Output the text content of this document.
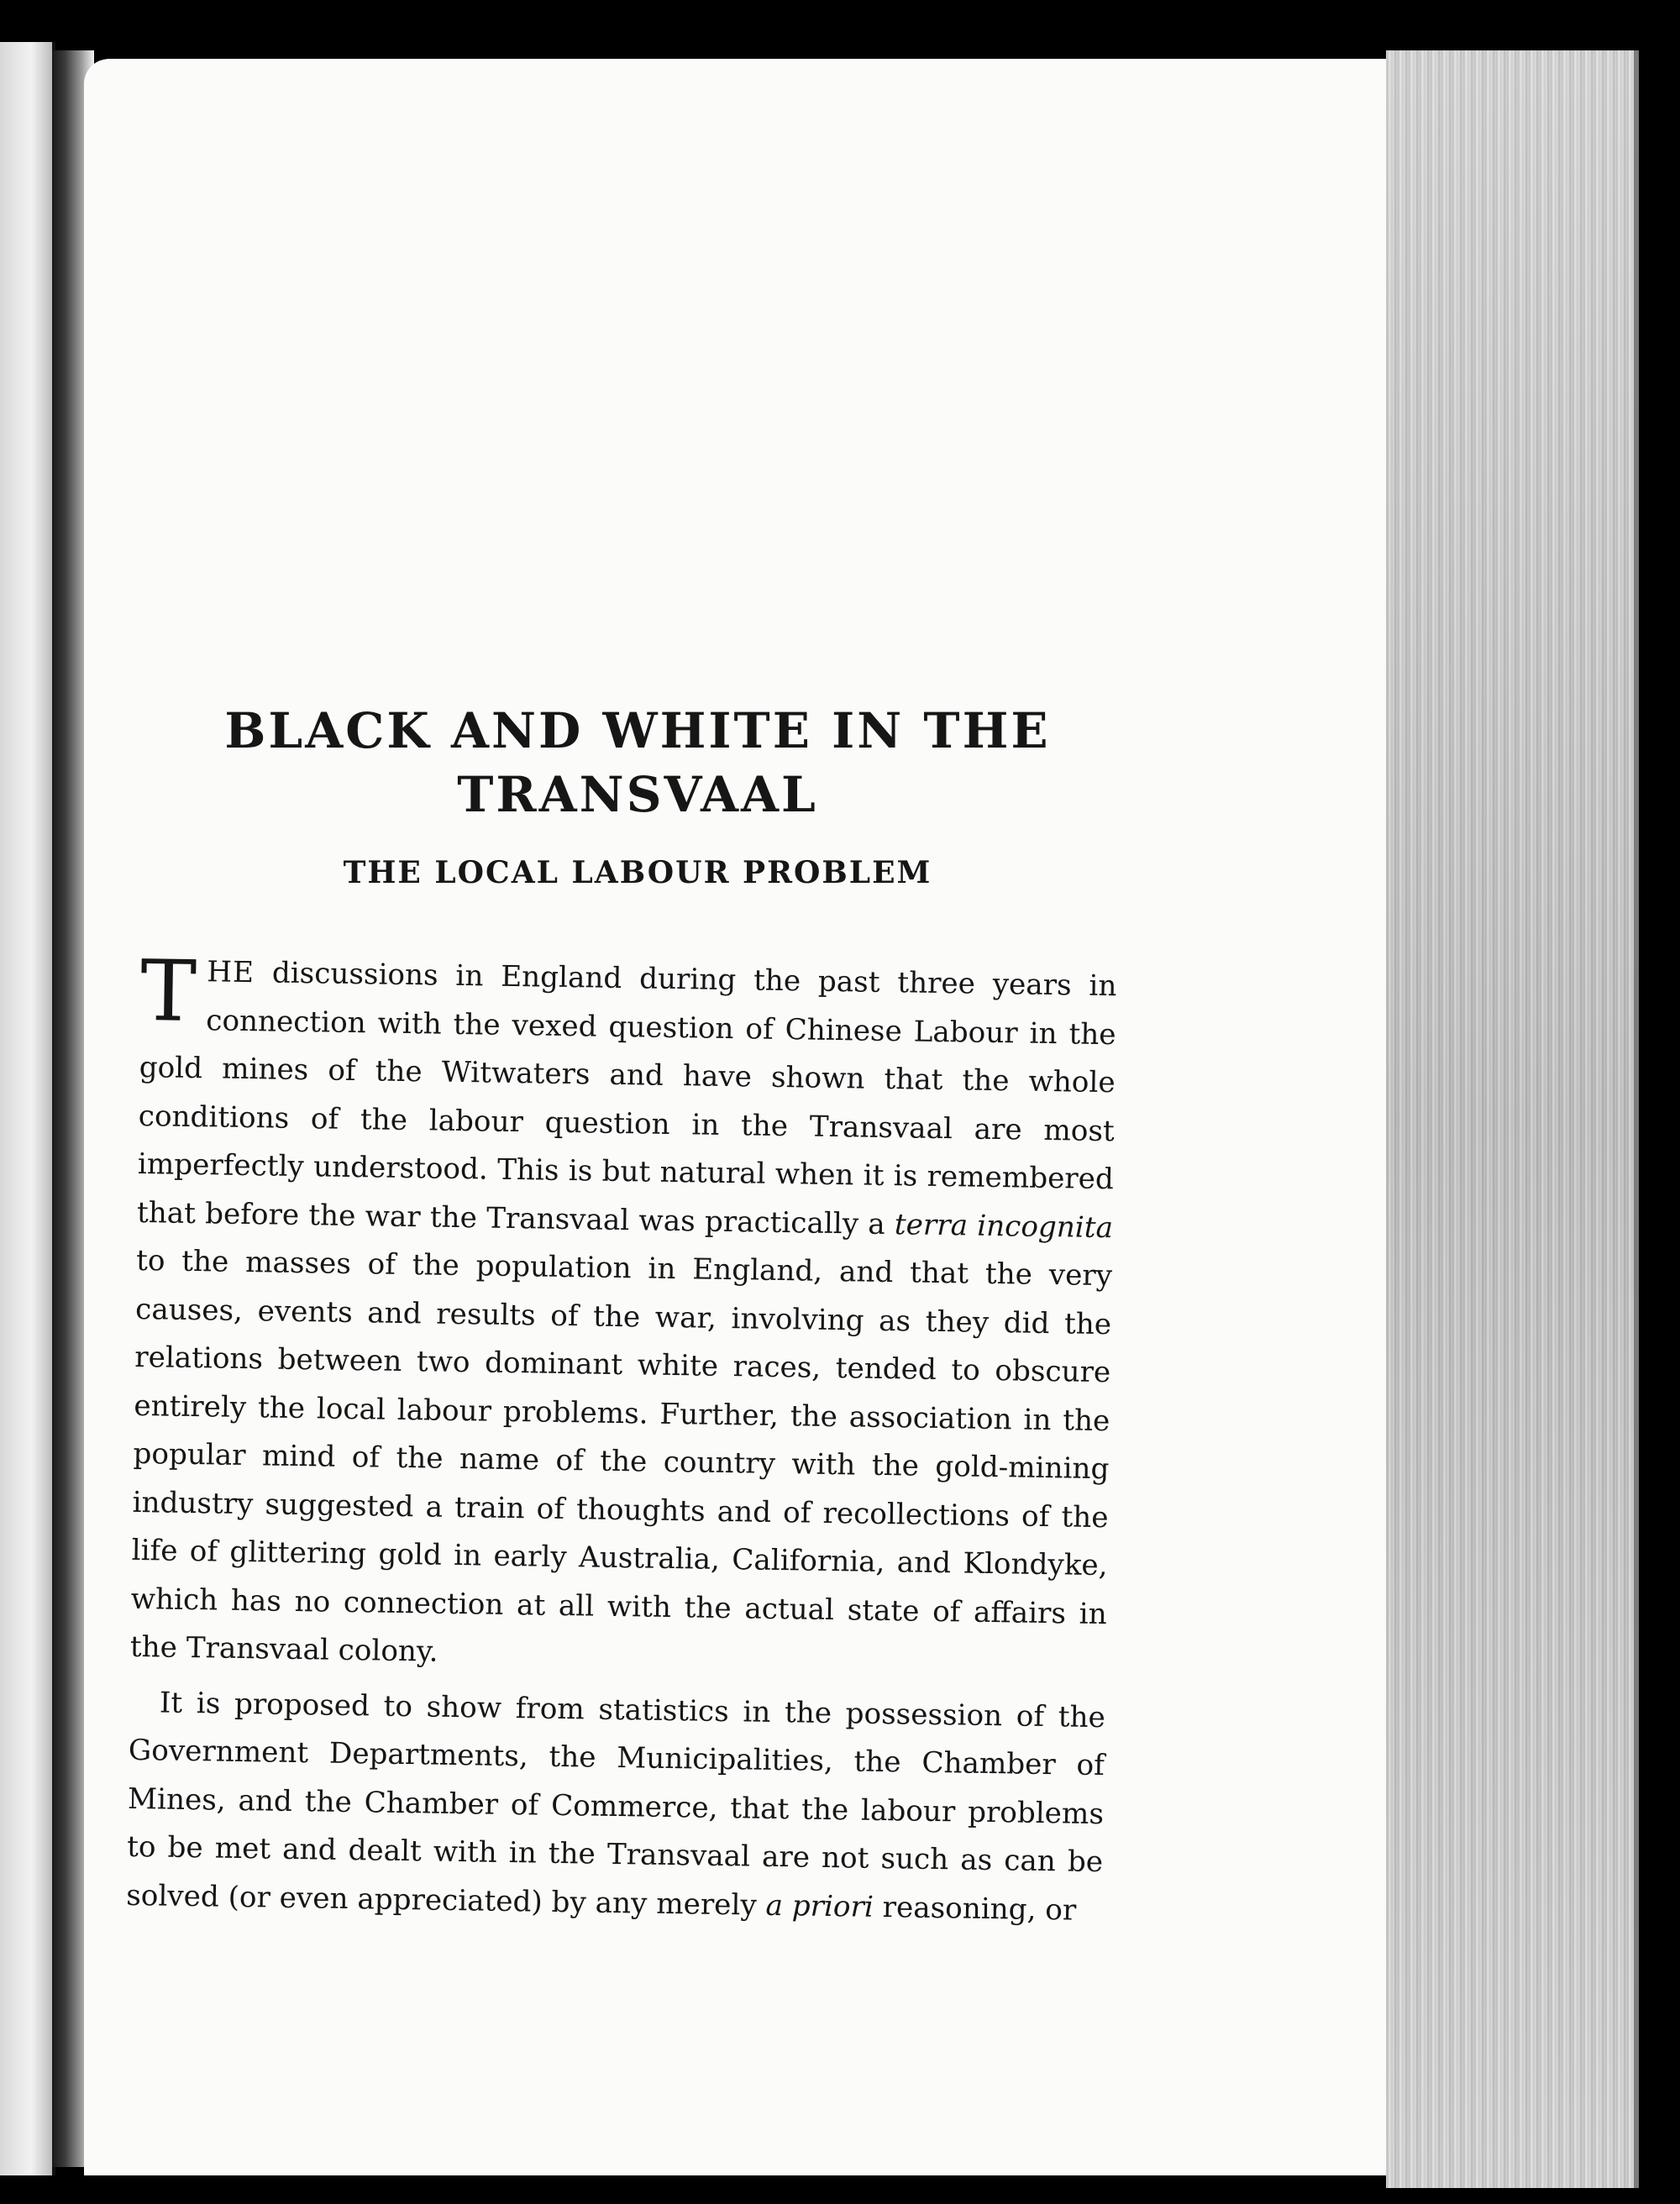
BLACK AND WHITE IN THE
TRANSVAAL
THE LOCAL LABOUR PROBLEM

THE discussions in England during the past three years in connection with the vexed question of Chinese Labour in the gold mines of the Witwaters and have shown that the whole conditions of the labour question in the Transvaal are most imperfectly understood. This is but natural when it is remembered that before the war the Transvaal was practically a terra incognita to the masses of the population in England, and that the very causes, events and results of the war, involving as they did the relations between two dominant white races, tended to obscure entirely the local labour problems. Further, the association in the popular mind of the name of the country with the gold-mining industry suggested a train of thoughts and of recollections of the life of glittering gold in early Australia, California, and Klondyke, which has no connection at all with the actual state of affairs in the Transvaal colony.

It is proposed to show from statistics in the possession of the Government Departments, the Municipalities, the Chamber of Mines, and the Chamber of Commerce, that the labour problems to be met and dealt with in the Transvaal are not such as can be solved (or even appreciated) by any merely a priori reasoning, or
